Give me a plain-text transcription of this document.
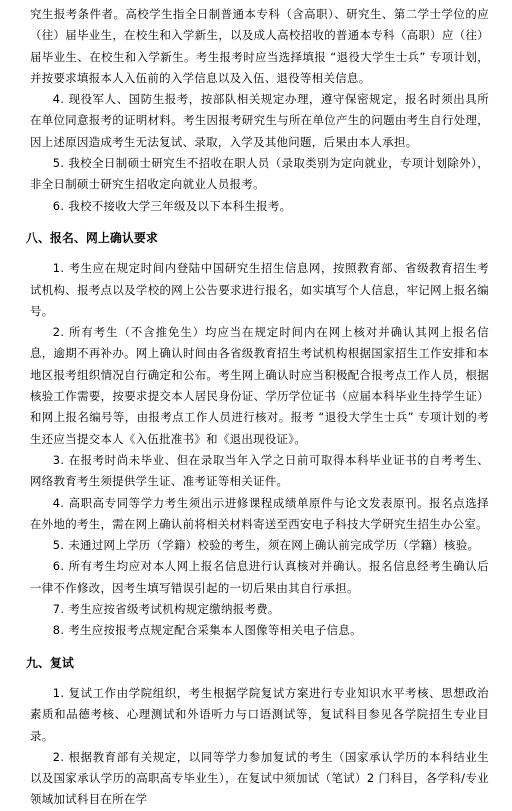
究生报考条件者。高校学生指全日制普通本专科（含高职）、研究生、第二学士学位的应（往）届毕业生，在校生和入学新生，以及成人高校招收的普通本专科（高职）应（往）届毕业生、在校生和入学新生。考生报考时应当选择填报 “退役大学生士兵” 专项计划，并按要求填报本人入伍前的入学信息以及入伍、退役等相关信息。

4. 现役军人、国防生报考，按部队相关规定办理，遵守保密规定，报名时须出具所在单位同意报考的证明材料。考生因报考研究生与所在单位产生的问题由考生自行处理，因上述原因造成考生无法复试、录取，入学及其他问题，后果由本人承担。

5. 我校全日制硕士研究生不招收在职人员（录取类别为定向就业，专项计划除外），非全日制硕士研究生招收定向就业人员报考。

6. 我校不接收大学三年级及以下本科生报考。

八、报名、网上确认要求

1. 考生应在规定时间内登陆中国研究生招生信息网，按照教育部、省级教育招生考试机构、报考点以及学校的网上公告要求进行报名，如实填写个人信息，牢记网上报名编号。

2. 所有考生（不含推免生）均应当在规定时间内在网上核对并确认其网上报名信息，逾期不再补办。网上确认时间由各省级教育招生考试机构根据国家招生工作安排和本地区报考组织情况自行确定和公布。考生网上确认时应当积极配合报考点工作人员，根据核验工作需要，按要求提交本人居民身份证、学历学位证书（应届本科毕业生持学生证）和网上报名编号等，由报考点工作人员进行核对。报考 “退役大学生士兵” 专项计划的考生还应当提交本人《入伍批准书》和《退出现役证》。

3. 在报考时尚未毕业、但在录取当年入学之日前可取得本科毕业证书的自考考生、网络教育考生须提供学生证、准考证等相关证件。

4. 高职高专同等学力考生须出示进修课程成绩单原件与论文发表原刊。报名点选择在外地的考生，需在网上确认前将相关材料寄送至西安电子科技大学研究生招生办公室。

5. 未通过网上学历（学籍）校验的考生，须在网上确认前完成学历（学籍）核验。

6. 所有考生均应对本人网上报名信息进行认真核对并确认。报名信息经考生确认后一律不作修改，因考生填写错误引起的一切后果由其自行承担。

7. 考生应按省级考试机构规定缴纳报考费。

8. 考生应按报考点规定配合采集本人图像等相关电子信息。

九、复试

1. 复试工作由学院组织，考生根据学院复试方案进行专业知识水平考核、思想政治素质和品德考核、心理测试和外语听力与口语测试等，复试科目参见各学院招生专业目录。

2. 根据教育部有关规定，以同等学力参加复试的考生（国家承认学历的本科结业生以及国家承认学历的高职高专毕业生），在复试中须加试（笔试）2 门科目，各学科/专业领域加试科目在所在学
